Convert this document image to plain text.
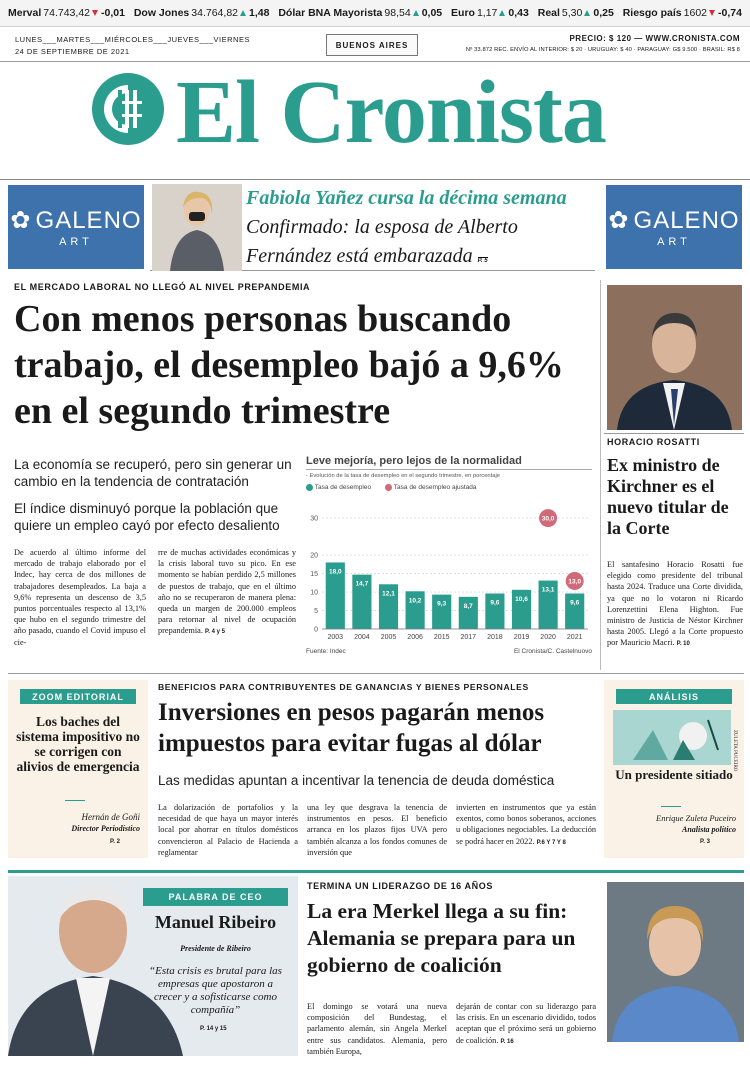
Merval 74.743,42 -0,01 Dow Jones 34.764,82 1,48 Dólar BNA Mayorista 98,54 0,05 Euro 1,17 0,43 Real 5,30 0,25 Riesgo país 1602 -0,74
LUNES___MARTES___MIÉRCOLES___JUEVES___VIERNES
24 DE SEPTIEMBRE DE 2021
BUENOS AIRES
PRECIO: $ 120 — WWW.CRONISTA.COM
Nº 33.872 REC. ENVÍO AL INTERIOR: $ 20 · URUGUAY: $ 40 · PARAGUAY: G$ 9.500 · BRASIL: R$ 8
El Cronista
✿ GALENO
ART
✿ GALENO
ART
Fabiola Yañez cursa la décima semana
Confirmado: la esposa de Alberto
Fernández está embarazada P. 5
EL MERCADO LABORAL NO LLEGÓ AL NIVEL PREPANDEMIA
Con menos personas buscando trabajo, el desempleo bajó a 9,6% en el segundo trimestre
La economía se recuperó, pero sin generar un cambio en la tendencia de contratación
El índice disminuyó porque la población que quiere un empleo cayó por efecto desaliento
De acuerdo al último informe del mercado de trabajo elaborado por el Indec, hay cerca de dos millones de trabajadores desempleados. La baja a 9,6% representa un descenso de 3,5 puntos porcentuales respecto al 13,1% que hubo en el segundo trimestre del año pasado, cuando el Covid impuso el cie-
rre de muchas actividades económicas y la crisis laboral tuvo su pico. En ese momento se habían perdido 2,5 millones de puestos de trabajo, que en el último año no se recuperaron de manera plena: queda un margen de 200.000 empleos para retornar al nivel de ocupación prepandemia. P. 4 y 5
Leve mejoría, pero lejos de la normalidad
- Evolución de la tasa de desempleo en el segundo trimestre, en porcentaje
Tasa de desempleo	Tasa de desempleo ajustada
0
5
10
15
20
30
18,0
2003
14,7
2004
12,1
2005
10,2
2006
9,3
2015
8,7
2017
9,6
2018
10,6
2019
13,1
2020
9,6
2021
30,0
13,0
Fuente: Indec	El Cronista/C. Castelnuovo
HORACIO ROSATTI
Ex ministro de Kirchner es el nuevo titular de la Corte
El santafesino Horacio Rosatti fue elegido como presidente del tribunal hasta 2024. Traduce una Corte dividida, ya que no lo votaron ni Ricardo Lorenzettini Elena Highton. Fue ministro de Justicia de Néstor Kirchner hasta 2005. Llegó a la Corte propuesto por Mauricio Macri. P. 10
ZOOM EDITORIAL
Los baches del sistema impositivo no se corrigen con alivios de emergencia
Hernán de Goñi
Director Periodístico
P. 2
BENEFICIOS PARA CONTRIBUYENTES DE GANANCIAS Y BIENES PERSONALES
Inversiones en pesos pagarán menos impuestos para evitar fugas al dólar
Las medidas apuntan a incentivar la tenencia de deuda doméstica
La dolarización de portafolios y la necesidad de que haya un mayor interés local por ahorrar en títulos domésticos convencieron al Palacio de Hacienda a reglamentar
una ley que desgrava la tenencia de instrumentos en pesos. El beneficio arranca en los plazos fijos UVA pero también alcanza a los fondos comunes de inversión que
invierten en instrumentos que ya están exentos, como bonos soberanos, acciones u obligaciones negociables. La deducción se podrá hacer en 2022. P.6 Y 7 Y 8
ANÁLISIS
ZULETA PUCEIRO
Un presidente sitiado
Enrique Zuleta Puceiro
Analista político
P. 3
PALABRA DE CEO
Manuel Ribeiro
Presidente de Ribeiro
“Esta crisis es brutal para las empresas que apostaron a crecer y a sofisticarse como compañía”
P. 14 y 15
TERMINA UN LIDERAZGO DE 16 AÑOS
La era Merkel llega a su fin: Alemania se prepara para un gobierno de coalición
El domingo se votará una nueva composición del Bundestag, el parlamento alemán, sin Angela Merkel entre sus candidatos. Alemania, pero también Europa,
dejarán de contar con su liderazgo para las crisis. En un escenario dividido, todos aceptan que el próximo será un gobierno de coalición. P. 16
